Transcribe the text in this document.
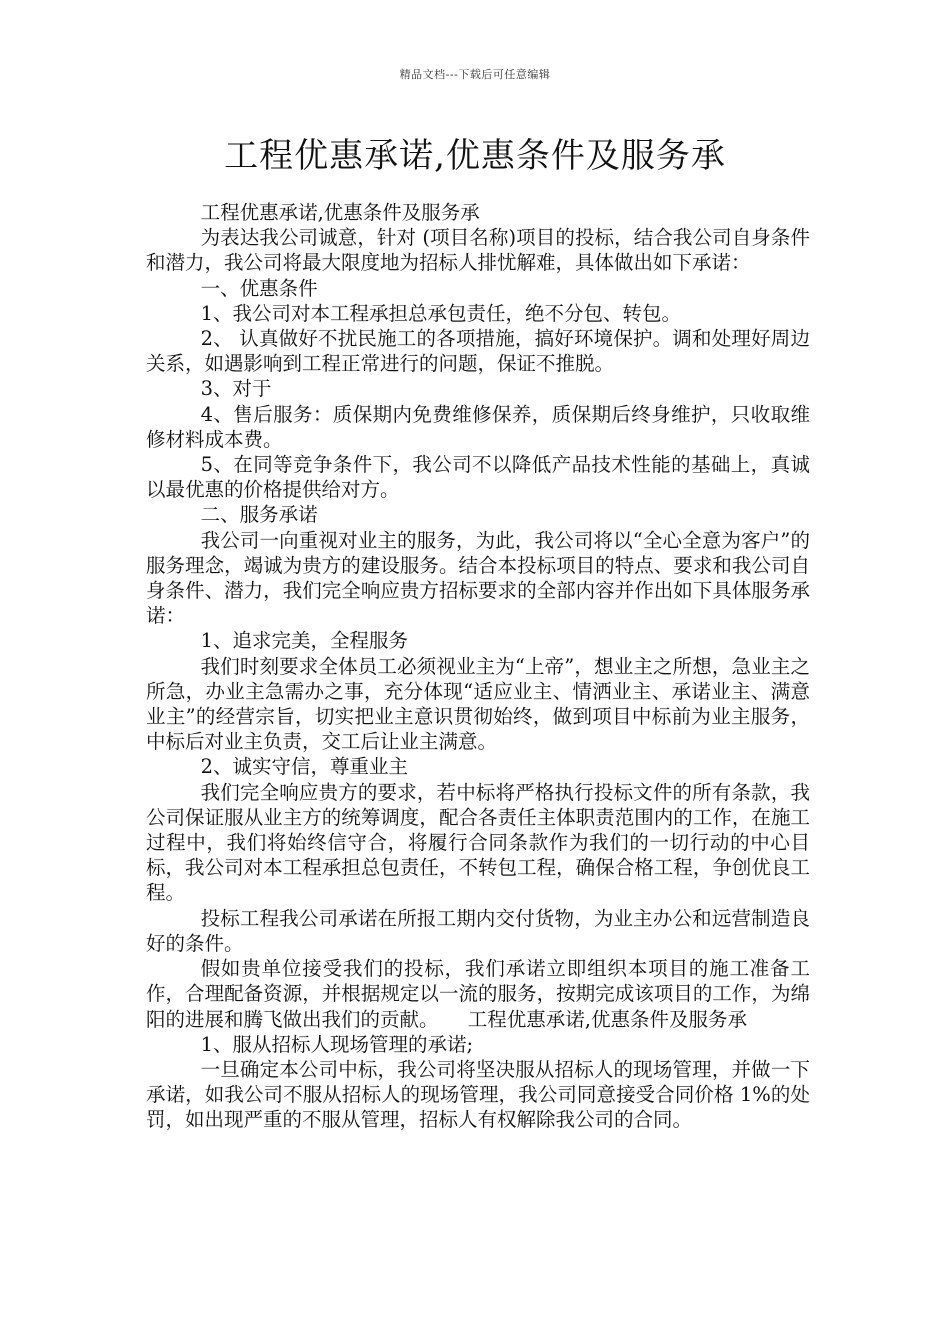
精品文档---下载后可任意编辑
工程优惠承诺,优惠条件及服务承

工程优惠承诺,优惠条件及服务承

为表达我公司诚意，针对 (项目名称)项目的投标，结合我公司自身条件和潜力，我公司将最大限度地为招标人排忧解难，具体做出如下承诺：

一、优惠条件

1、我公司对本工程承担总承包责任，绝不分包、转包。

2、 认真做好不扰民施工的各项措施，搞好环境保护。调和处理好周边关系，如遇影响到工程正常进行的问题，保证不推脱。

3、对于

4、售后服务：质保期内免费维修保养，质保期后终身维护，只收取维修材料成本费。

5、在同等竞争条件下，我公司不以降低产品技术性能的基础上，真诚以最优惠的价格提供给对方。

二、服务承诺

我公司一向重视对业主的服务，为此，我公司将以“全心全意为客户”的服务理念，竭诚为贵方的建设服务。结合本投标项目的特点、要求和我公司自身条件、潜力，我们完全响应贵方招标要求的全部内容并作出如下具体服务承诺：

1、追求完美，全程服务

我们时刻要求全体员工必须视业主为“上帝”，想业主之所想，急业主之所急，办业主急需办之事，充分体现“适应业主、情洒业主、承诺业主、满意业主”的经营宗旨，切实把业主意识贯彻始终，做到项目中标前为业主服务，中标后对业主负责，交工后让业主满意。

2、诚实守信，尊重业主

我们完全响应贵方的要求，若中标将严格执行投标文件的所有条款，我公司保证服从业主方的统筹调度，配合各责任主体职责范围内的工作，在施工过程中，我们将始终信守合，将履行合同条款作为我们的一切行动的中心目标，我公司对本工程承担总包责任，不转包工程，确保合格工程，争创优良工程。

投标工程我公司承诺在所报工期内交付货物，为业主办公和远营制造良好的条件。

假如贵单位接受我们的投标，我们承诺立即组织本项目的施工准备工作，合理配备资源，并根据规定以一流的服务，按期完成该项目的工作，为绵阳的进展和腾飞做出我们的贡献。　　工程优惠承诺,优惠条件及服务承

1、服从招标人现场管理的承诺;

一旦确定本公司中标，我公司将坚决服从招标人的现场管理，并做一下承诺，如我公司不服从招标人的现场管理，我公司同意接受合同价格 1%的处罚，如出现严重的不服从管理，招标人有权解除我公司的合同。
